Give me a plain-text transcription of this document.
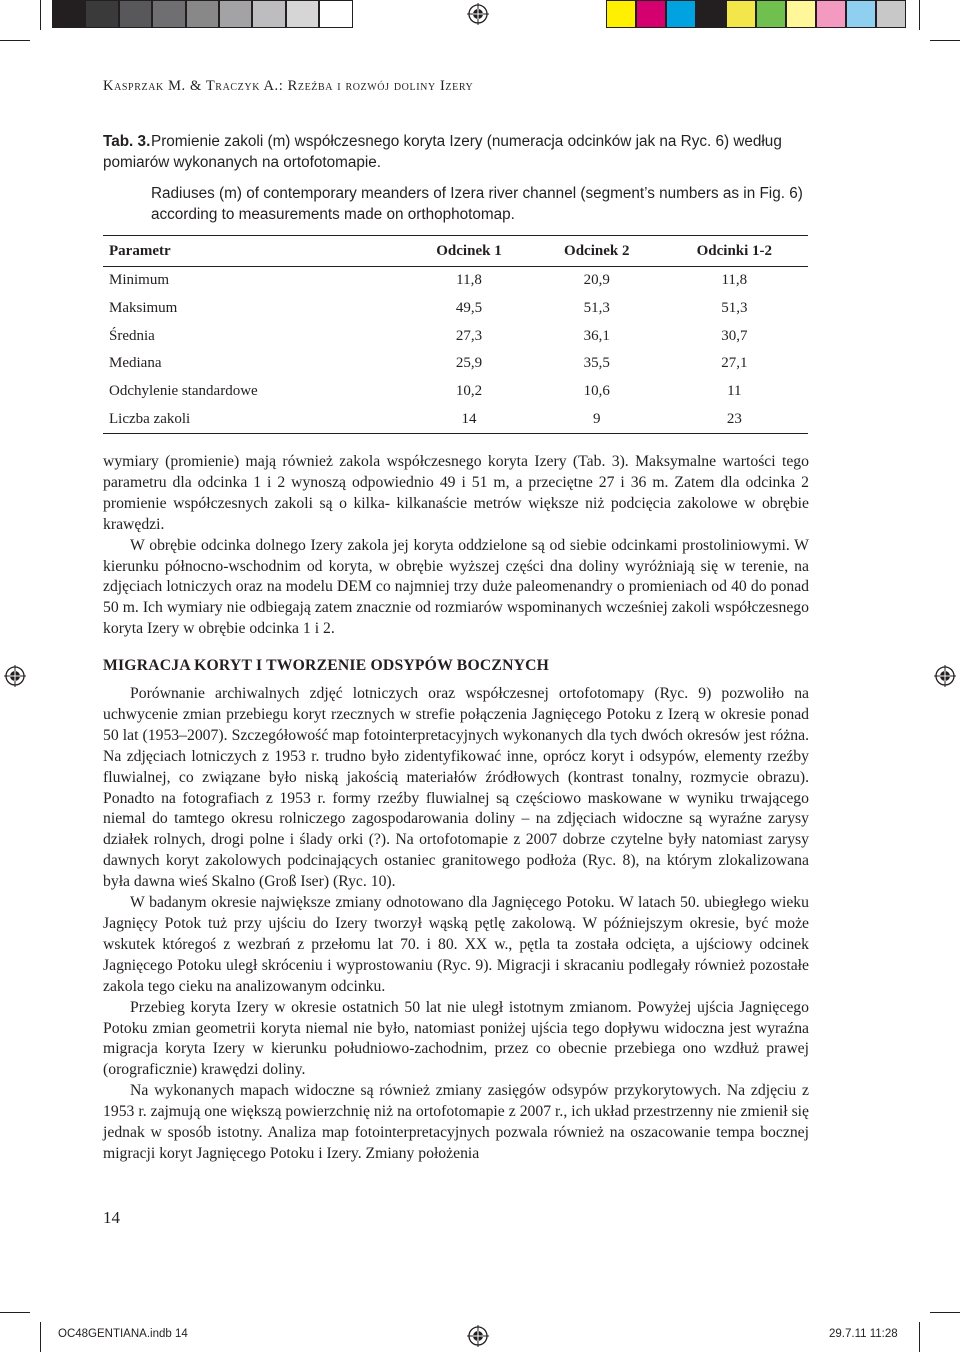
Kasprzak M. & Traczyk A.: Rzeźba i rozwój doliny Izery
Tab. 3.Promienie zakoli (m) współczesnego koryta Izery (numeracja odcinków jak na Ryc. 6) według pomiarów wykonanych na ortofotomapie.
Radiuses (m) of contemporary meanders of Izera river channel (segment’s numbers as in Fig. 6) according to measurements made on orthophotomap.
Parametr	Odcinek 1	Odcinek 2	Odcinki 1-2
Minimum	11,8	20,9	11,8
Maksimum	49,5	51,3	51,3
Średnia	27,3	36,1	30,7
Mediana	25,9	35,5	27,1
Odchylenie standardowe	10,2	10,6	11
Liczba zakoli	14	9	23

wymiary (promienie) mają również zakola współczesnego koryta Izery (Tab. 3). Maksymalne wartości tego parametru dla odcinka 1 i 2 wynoszą odpowiednio 49 i 51 m, a przeciętne 27 i 36 m. Zatem dla odcinka 2 promienie współczesnych zakoli są o kilka- kilkanaście metrów większe niż podcięcia zakolowe w obrębie krawędzi.

W obrębie odcinka dolnego Izery zakola jej koryta oddzielone są od siebie odcinkami prostoliniowymi. W kierunku północno-wschodnim od koryta, w obrębie wyższej części dna doliny wyróżniają się w terenie, na zdjęciach lotniczych oraz na modelu DEM co najmniej trzy duże paleomenandry o promieniach od 40 do ponad 50 m. Ich wymiary nie odbiegają zatem znacznie od rozmiarów wspominanych wcześniej zakoli współczesnego koryta Izery w obrębie odcinka 1 i 2.

MIGRACJA KORYT I TWORZENIE ODSYPÓW BOCZNYCH

Porównanie archiwalnych zdjęć lotniczych oraz współczesnej ortofotomapy (Ryc. 9) pozwoliło na uchwycenie zmian przebiegu koryt rzecznych w strefie połączenia Jagnięcego Potoku z Izerą w okresie ponad 50 lat (1953–2007). Szczegółowość map fotointerpretacyjnych wykonanych dla tych dwóch okresów jest różna. Na zdjęciach lotniczych z 1953 r. trudno było zidentyfikować inne, oprócz koryt i odsypów, elementy rzeźby fluwialnej, co związane było niską jakością materiałów źródłowych (kontrast tonalny, rozmycie obrazu). Ponadto na fotografiach z 1953 r. formy rzeźby fluwialnej są częściowo maskowane w wyniku trwającego niemal do tamtego okresu rolniczego zagospodarowania doliny – na zdjęciach widoczne są wyraźne zarysy działek rolnych, drogi polne i ślady orki (?). Na ortofotomapie z 2007 dobrze czytelne były natomiast zarysy dawnych koryt zakolowych podcinających ostaniec granitowego podłoża (Ryc. 8), na którym zlokalizowana była dawna wieś Skalno (Groß Iser) (Ryc. 10).

W badanym okresie największe zmiany odnotowano dla Jagnięcego Potoku. W latach 50. ubiegłego wieku Jagnięcy Potok tuż przy ujściu do Izery tworzył wąską pętlę zakolową. W późniejszym okresie, być może wskutek któregoś z wezbrań z przełomu lat 70. i 80. XX w., pętla ta została odcięta, a ujściowy odcinek Jagnięcego Potoku uległ skróceniu i wyprostowaniu (Ryc. 9). Migracji i skracaniu podlegały również pozostałe zakola tego cieku na analizowanym odcinku.

Przebieg koryta Izery w okresie ostatnich 50 lat nie uległ istotnym zmianom. Powyżej ujścia Jagnięcego Potoku zmian geometrii koryta niemal nie było, natomiast poniżej ujścia tego dopływu widoczna jest wyraźna migracja koryta Izery w kierunku południowo-zachodnim, przez co obecnie przebiega ono wzdłuż prawej (orograficznie) krawędzi doliny.

Na wykonanych mapach widoczne są również zmiany zasięgów odsypów przykorytowych. Na zdjęciu z 1953 r. zajmują one większą powierzchnię niż na ortofotomapie z 2007 r., ich układ przestrzenny nie zmienił się jednak w sposób istotny. Analiza map fotointerpretacyjnych pozwala również na oszacowanie tempa bocznej migracji koryt Jagnięcego Potoku i Izery. Zmiany położenia

14
OC48GENTIANA.indb 14	29.7.11 11:28
